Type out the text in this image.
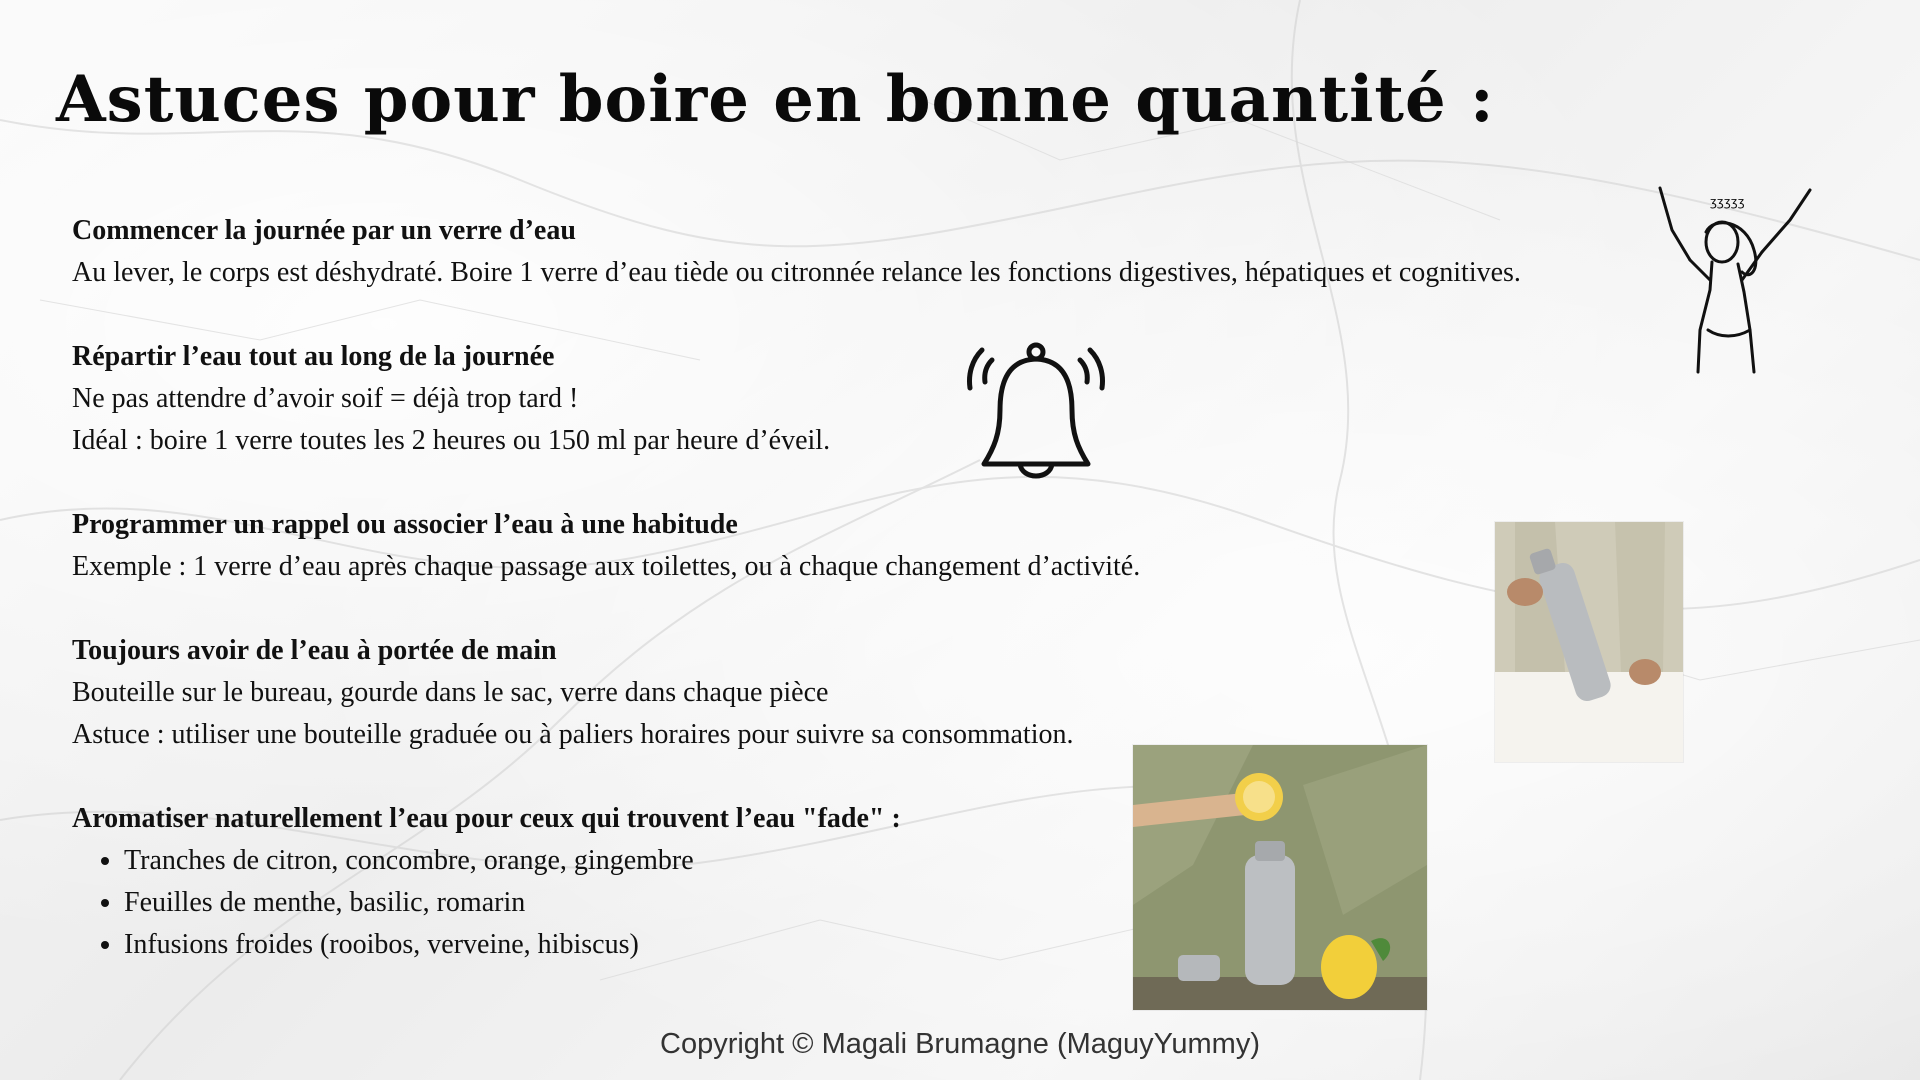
Astuces pour boire en bonne quantité :
Commencer la journée par un verre d’eau
Au lever, le corps est déshydraté. Boire 1 verre d’eau tiède ou citronnée relance les fonctions digestives, hépatiques et cognitives.
Répartir l’eau tout au long de la journée
Ne pas attendre d’avoir soif = déjà trop tard !
Idéal : boire 1 verre toutes les 2 heures ou 150 ml par heure d’éveil.
Programmer un rappel ou associer l’eau à une habitude
Exemple : 1 verre d’eau après chaque passage aux toilettes, ou à chaque changement d’activité.
Toujours avoir de l’eau à portée de main
Bouteille sur le bureau, gourde dans le sac, verre dans chaque pièce
Astuce : utiliser une bouteille graduée ou à paliers horaires pour suivre sa consommation.
Aromatiser naturellement l’eau pour ceux qui trouvent l’eau "fade" :
• Tranches de citron, concombre, orange, gingembre
• Feuilles de menthe, basilic, romarin
• Infusions froides (rooibos, verveine, hibiscus)
ʒʒʒʒʒ
Copyright © Magali Brumagne (MaguyYummy)
